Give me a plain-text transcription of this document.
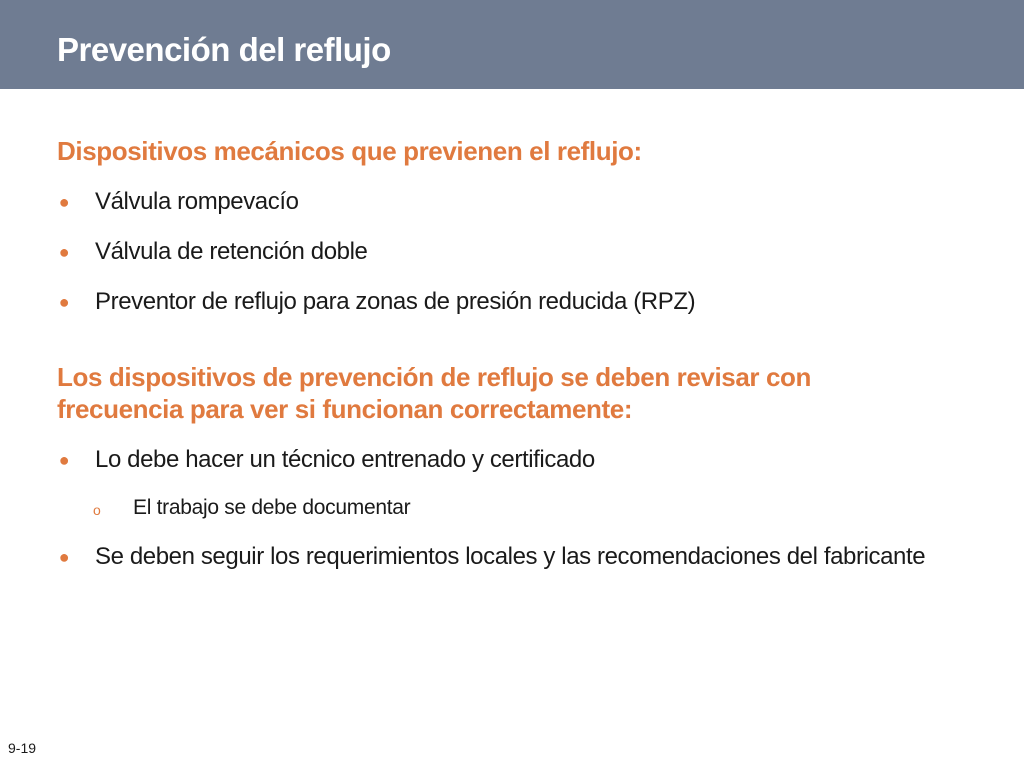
Prevención del reflujo
Dispositivos mecánicos que previenen el reflujo:
● Válvula rompevacío
● Válvula de retención doble
● Preventor de reflujo para zonas de presión reducida (RPZ)
Los dispositivos de prevención de reflujo se deben revisar con
frecuencia para ver si funcionan correctamente:
● Lo debe hacer un técnico entrenado y certificado
o El trabajo se debe documentar
● Se deben seguir los requerimientos locales y las recomendaciones del fabricante
9-19
